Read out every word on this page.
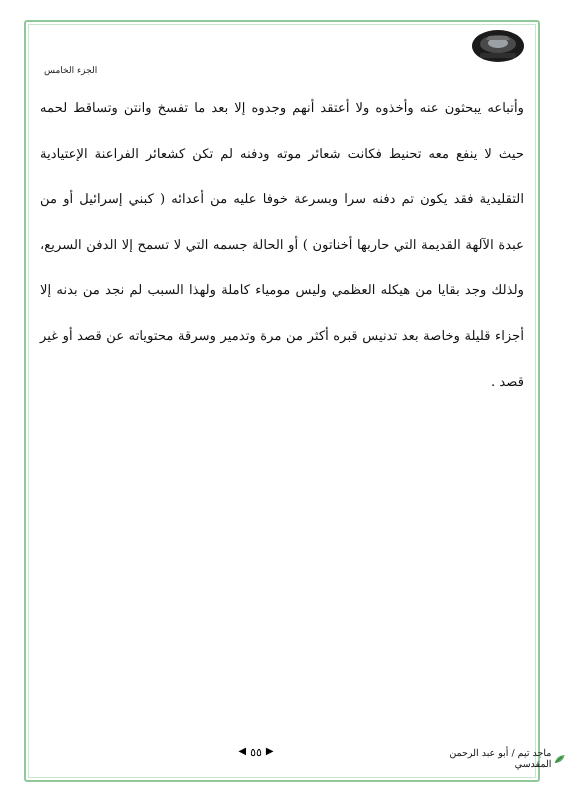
الجزء الخامس

وأتباعه يبحثون عنه وأخذوه ولا أعتقد أنهم وجدوه إلا بعد ما تفسخ وانتن وتساقط لحمه حيث لا ينفع معه تحنيط فكانت شعائر موته ودفنه لم تكن كشعائر الفراعنة الإعتيادية التقليدية فقد يكون تم دفنه سرا وبسرعة خوفا عليه من أعدائه ( كبني إسرائيل أو من عبدة الآلهة القديمة التي حاربها أخناتون ) أو الحالة جسمه التي لا تسمح إلا الدفن السريع، ولذلك وجد بقايا من هيكله العظمي وليس مومياء كاملة ولهذا السبب لم نجد من بدنه إلا أجزاء قليلة وخاصة بعد تدنيس قبره أكثر من مرة وتدمير وسرقة محتوياته عن قصد أو غير قصد .

◀ ٥٥ ▶	ماجد تيم / أبو عبد الرحمن المقدسي
